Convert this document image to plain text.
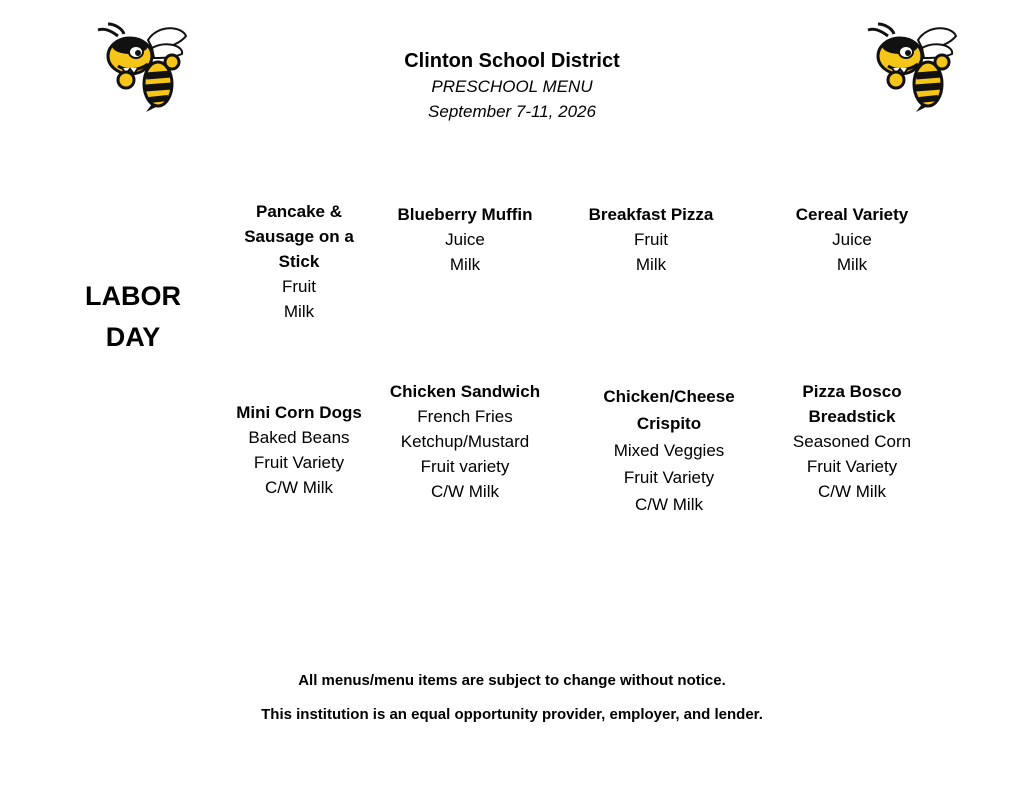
Clinton School District
PRESCHOOL MENU
September 7-11, 2026
LABOR
DAY
Pancake &
Sausage on a
Stick
Fruit
Milk
Blueberry Muffin
Juice
Milk
Breakfast Pizza
Fruit
Milk
Cereal Variety
Juice
Milk
Mini Corn Dogs
Baked Beans
Fruit Variety
C/W Milk
Chicken Sandwich
French Fries
Ketchup/Mustard
Fruit variety
C/W Milk
Chicken/Cheese
Crispito
Mixed Veggies
Fruit Variety
C/W Milk
Pizza Bosco
Breadstick
Seasoned Corn
Fruit Variety
C/W Milk
All menus/menu items are subject to change without notice.
This institution is an equal opportunity provider, employer, and lender.
